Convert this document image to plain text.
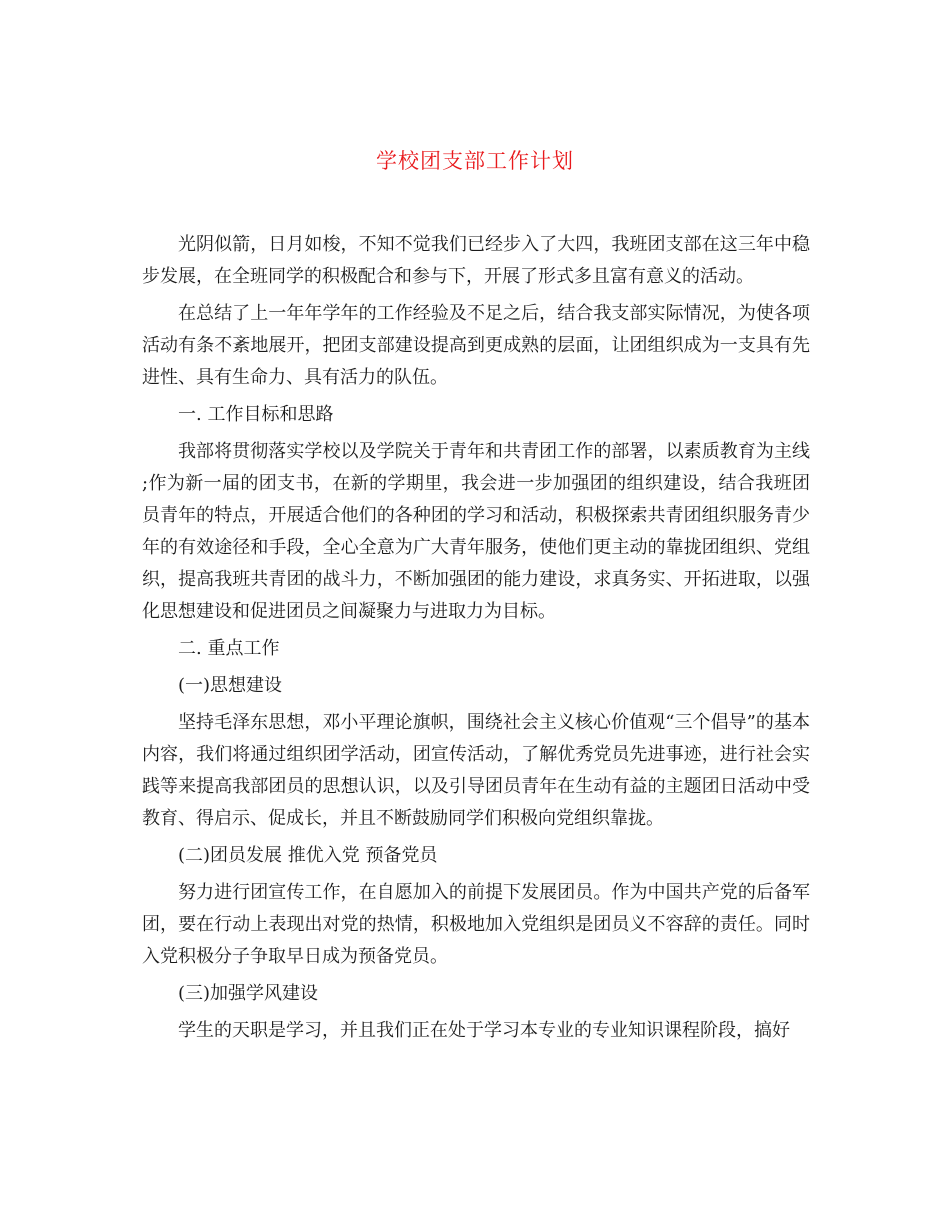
学校团支部工作计划

光阴似箭，日月如梭，不知不觉我们已经步入了大四，我班团支部在这三年中稳步发展，在全班同学的积极配合和参与下，开展了形式多且富有意义的活动。

在总结了上一年年学年的工作经验及不足之后，结合我支部实际情况，为使各项活动有条不紊地展开，把团支部建设提高到更成熟的层面，让团组织成为一支具有先进性、具有生命力、具有活力的队伍。

一. 工作目标和思路

我部将贯彻落实学校以及学院关于青年和共青团工作的部署，以素质教育为主线 ;作为新一届的团支书，在新的学期里，我会进一步加强团的组织建设，结合我班团员青年的特点，开展适合他们的各种团的学习和活动，积极探索共青团组织服务青少年的有效途径和手段，全心全意为广大青年服务，使他们更主动的靠拢团组织、党组织，提高我班共青团的战斗力，不断加强团的能力建设，求真务实、开拓进取，以强化思想建设和促进团员之间凝聚力与进取力为目标。

二. 重点工作

(一)思想建设

坚持毛泽东思想，邓小平理论旗帜，围绕社会主义核心价值观“三个倡导”的基本内容，我们将通过组织团学活动，团宣传活动，了解优秀党员先进事迹，进行社会实践等来提高我部团员的思想认识，以及引导团员青年在生动有益的主题团日活动中受教育、得启示、促成长，并且不断鼓励同学们积极向党组织靠拢。

(二)团员发展 推优入党 预备党员

努力进行团宣传工作，在自愿加入的前提下发展团员。作为中国共产党的后备军团，要在行动上表现出对党的热情，积极地加入党组织是团员义不容辞的责任。同时入党积极分子争取早日成为预备党员。

(三)加强学风建设

学生的天职是学习，并且我们正在处于学习本专业的专业知识课程阶段，搞好
